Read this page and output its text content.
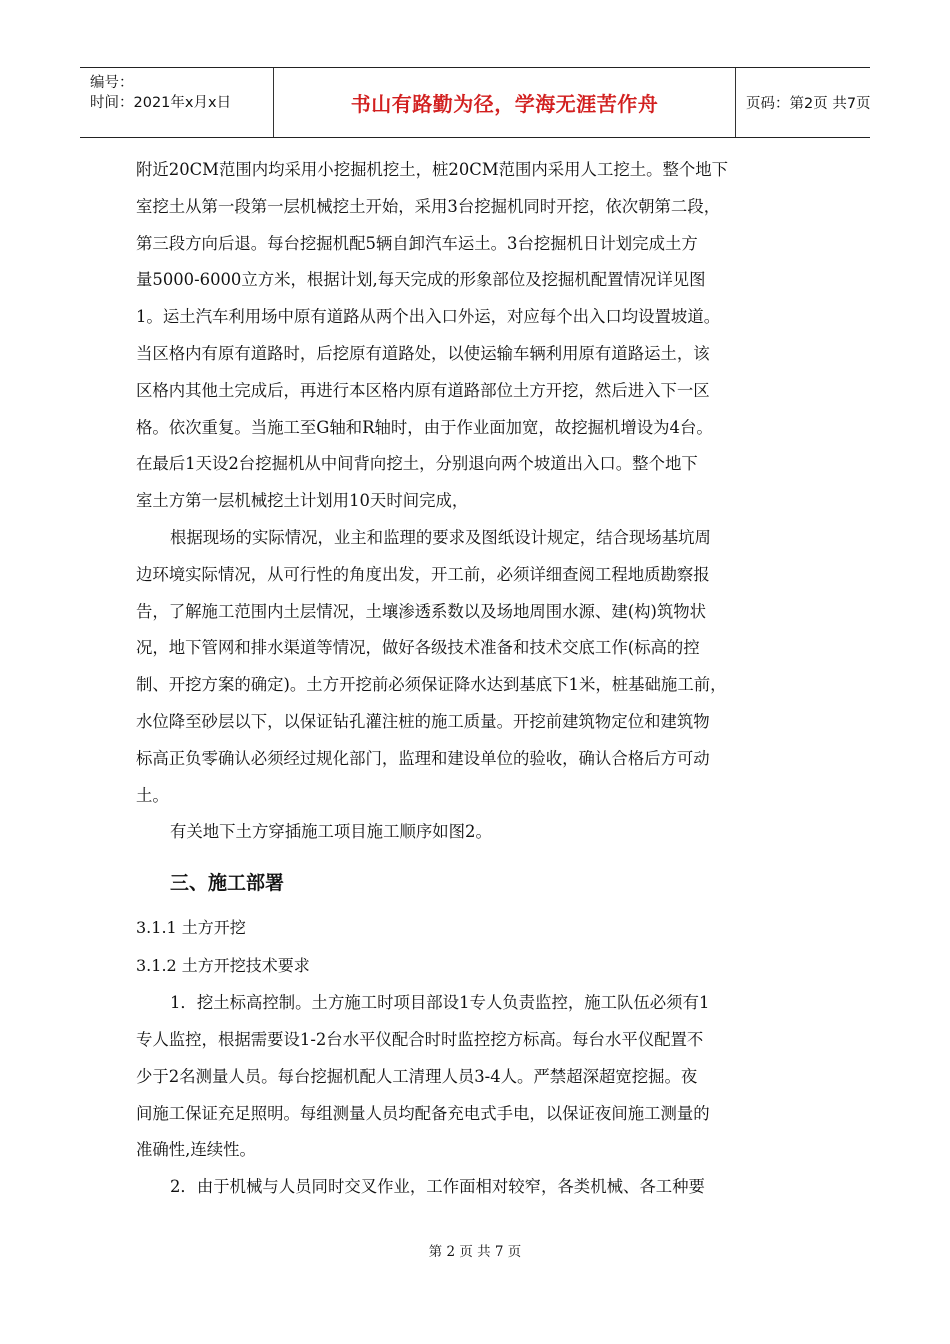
编号：
时间：2021年x月x日	书山有路勤为径，学海无涯苦作舟	页码：第2页 共7页
附近20CM范围内均采用小挖掘机挖土，桩20CM范围内采用人工挖土。整个地下
室挖土从第一段第一层机械挖土开始，采用3台挖掘机同时开挖，依次朝第二段，
第三段方向后退。每台挖掘机配5辆自卸汽车运土。3台挖掘机日计划完成土方
量5000-6000立方米，根据计划,每天完成的形象部位及挖掘机配置情况详见图
1。运土汽车利用场中原有道路从两个出入口外运，对应每个出入口均设置坡道。
当区格内有原有道路时，后挖原有道路处，以使运输车辆利用原有道路运土，该
区格内其他土完成后，再进行本区格内原有道路部位土方开挖，然后进入下一区
格。依次重复。当施工至G轴和R轴时，由于作业面加宽，故挖掘机增设为4台。
在最后1天设2台挖掘机从中间背向挖土，分别退向两个坡道出入口。整个地下
室土方第一层机械挖土计划用10天时间完成，
根据现场的实际情况，业主和监理的要求及图纸设计规定，结合现场基坑周
边环境实际情况，从可行性的角度出发，开工前，必须详细查阅工程地质勘察报
告，了解施工范围内土层情况，土壤渗透系数以及场地周围水源、建(构)筑物状
况，地下管网和排水渠道等情况，做好各级技术准备和技术交底工作(标高的控
制、开挖方案的确定)。土方开挖前必须保证降水达到基底下1米，桩基础施工前，
水位降至砂层以下，以保证钻孔灌注桩的施工质量。开挖前建筑物定位和建筑物
标高正负零确认必须经过规化部门，监理和建设单位的验收，确认合格后方可动
土。
有关地下土方穿插施工项目施工顺序如图2。
三、施工部署
3.1.1 土方开挖
3.1.2 土方开挖技术要求
1．挖土标高控制。土方施工时项目部设1专人负责监控，施工队伍必须有1
专人监控，根据需要设1-2台水平仪配合时时监控挖方标高。每台水平仪配置不
少于2名测量人员。每台挖掘机配人工清理人员3-4人。严禁超深超宽挖掘。夜
间施工保证充足照明。每组测量人员均配备充电式手电，以保证夜间施工测量的
准确性,连续性。
2．由于机械与人员同时交叉作业，工作面相对较窄，各类机械、各工种要
第 2 页 共 7 页
